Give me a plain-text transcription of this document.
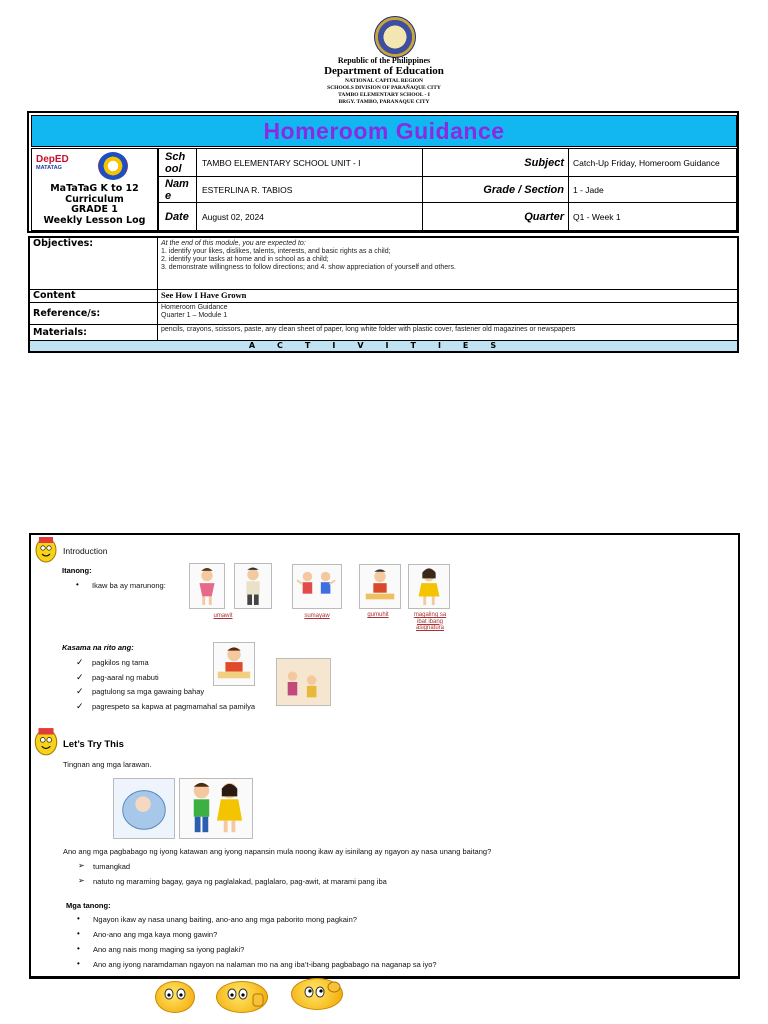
Republic of the Philippines
Department of Education
NATIONAL CAPITAL REGION
SCHOOLS DIVISION OF PARAÑAQUE CITY
TAMBO ELEMENTARY SCHOOL - I
BRGY. TAMBO, PARANAQUE CITY
Homeroom Guidance
DepED
MATATAG
MaTaTaG K to 12
Curriculum
GRADE 1
Weekly Lesson Log
School	TAMBO ELEMENTARY SCHOOL UNIT - I	Subject Catch-Up Friday, Homeroom Guidance
Name	ESTERLINA R. TABIOS	Grade / Section 1 - Jade
Date August 02, 2024	Quarter Q1 - Week 1
Objectives:	At the end of this module, you are expected to:
1. identify your likes, dislikes, talents, interests, and basic rights as a child;
2. identify your tasks at home and in school as a child;
3. demonstrate willingness to follow directions; and 4. show appreciation of yourself and others.
Content	See How I Have Grown
Reference/s:
Homeroom Guidance
Quarter 1 – Module 1
Materials:	pencils, crayons, scissors, paste, any clean sheet of paper, long white folder with plastic cover, fastener old magazines or newspapers
ACTIVITIES
Introduction
Itanong:
• Ikaw ba ay marunong:
umawit	sumayaw	gumuhit	magaling sa ibat ibang asignatura
Kasama na rito ang:
✓ pagkilos ng tama
✓ pag-aaral ng mabuti
✓ pagtulong sa mga gawaing bahay
✓ pagrespeto sa kapwa at pagmamahal sa pamilya
Let’s Try This
Tingnan ang mga larawan.
Ano ang mga pagbabago ng iyong katawan ang iyong napansin mula noong ikaw ay isinilang ay ngayon ay nasa unang baitang?
➢ tumangkad
➢ natuto ng maraming bagay, gaya ng paglalakad, paglalaro, pag-awit, at marami pang iba
Mga tanong:
• Ngayon ikaw ay nasa unang baiting, ano-ano ang mga paborito mong pagkain?
• Ano-ano ang mga kaya mong gawin?
• Ano ang nais mong maging sa iyong paglaki?
• Ano ang iyong naramdaman ngayon na nalaman mo na ang iba’t-ibang pagbabago na naganap sa iyo?
